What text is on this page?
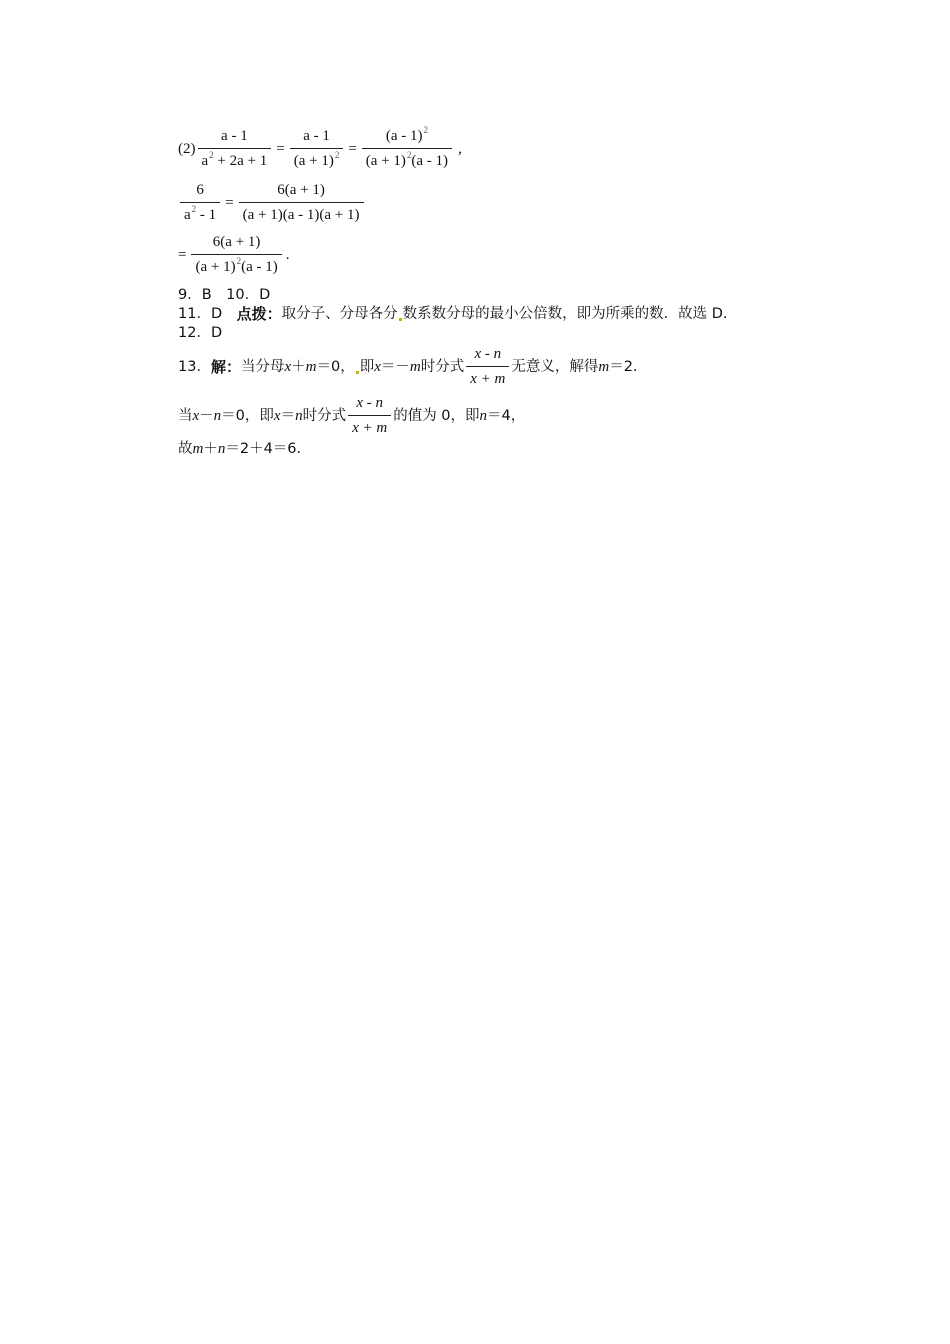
$(2) \frac{a - 1}{a^2 + 2a + 1} = \frac{a - 1}{(a + 1)^2} = \frac{(a - 1)^2}{(a + 1)^2(a - 1)}$ ,
$\frac{6}{a^2 - 1} = \frac{6(a + 1)}{(a + 1)(a - 1)(a + 1)}$
= $\frac{6(a + 1)}{(a + 1)^2(a - 1)}$ .
9．B　10．D
11．D　 点拨： 取分子、分母各分 数系数分母的最小公倍数，即为所乘的数．故选 D.
12．D
13． 解： 当分母 x ＋ m ＝0， 即 x ＝－ m 时分式 $\frac{x - n}{x + m}$ 无意义，解得 m ＝2.
当 x － n ＝0，即 x ＝ n 时分式 $\frac{x - n}{x + m}$ 的值为 0，即 n ＝4，
故 m ＋ n ＝2＋4＝6.
